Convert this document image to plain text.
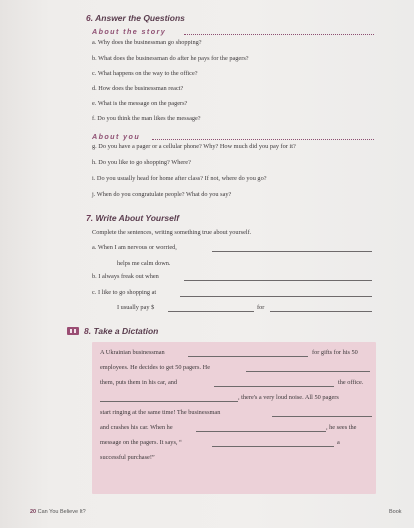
6. Answer the Questions
About the story
a. Why does the businessman go shopping?
b. What does the businessman do after he pays for the pagers?
c. What happens on the way to the office?
d. How does the businessman react?
e. What is the message on the pagers?
f. Do you think the man likes the message?
About you
g. Do you have a pager or a cellular phone? Why? How much did you pay for it?
h. Do you like to go shopping? Where?
i. Do you usually head for home after class? If not, where do you go?
j. When do you congratulate people? What do you say?
7. Write About Yourself
Complete the sentences, writing something true about yourself.
a. When I am nervous or worried,
helps me calm down.
b. I always freak out when
c. I like to go shopping at
I usually pay $	for
8. Take a Dictation
A Ukrainian businessman	for gifts for his 50
employees. He decides to get 50 pagers. He
them, puts them in his car, and	the office.
, there's a very loud noise. All 50 pagers
start ringing at the same time! The businessman
and crashes his car. When he	, he sees the
message on the pagers. It says, “	a
successful purchase!”
20 Can You Believe It?	Book
